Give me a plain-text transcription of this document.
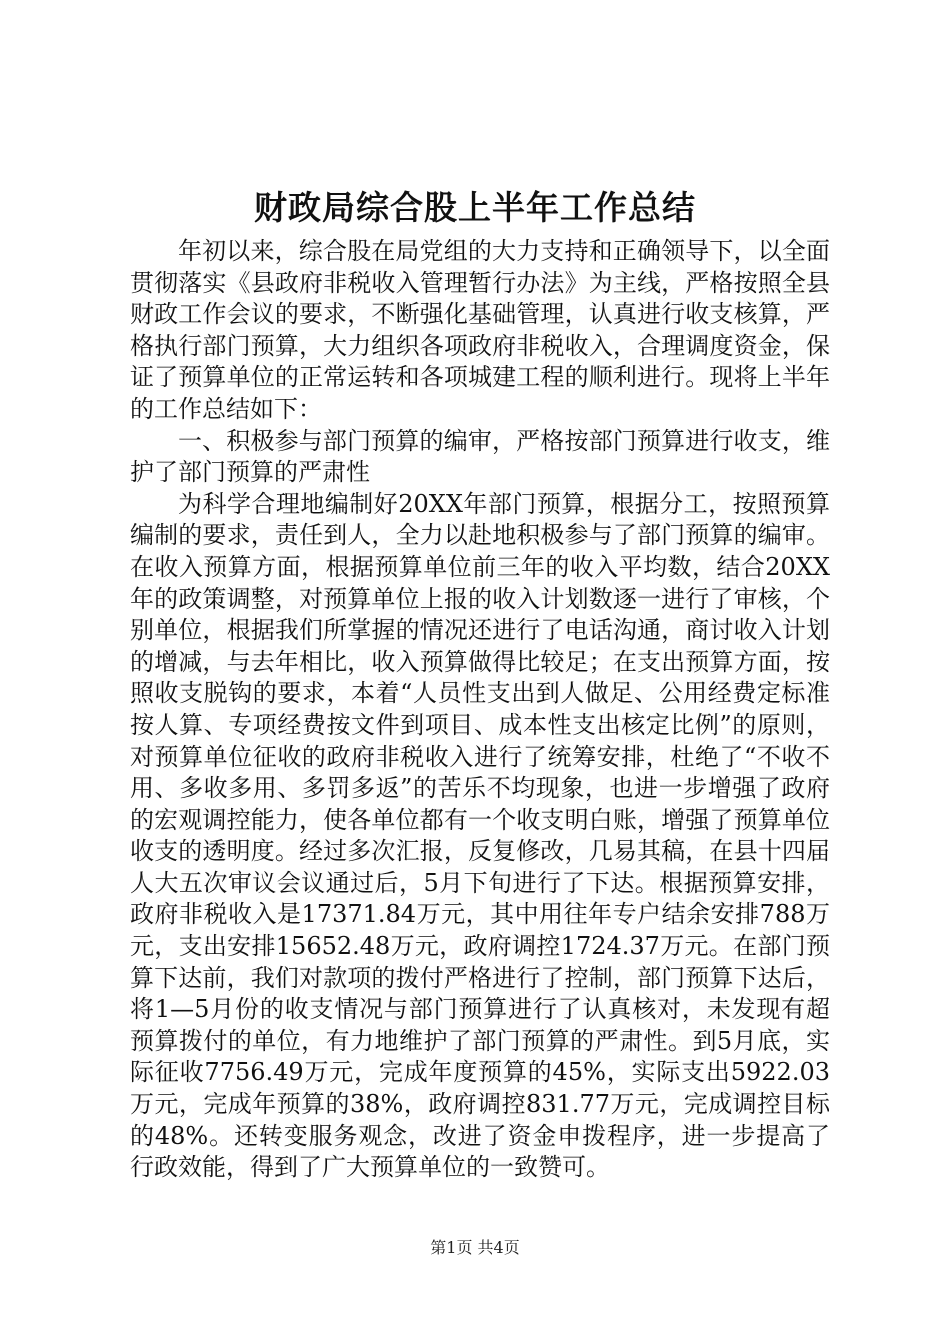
财政局综合股上半年工作总结

年初以来，综合股在局党组的大力支持和正确领导下，以全面贯彻落实《县政府非税收入管理暂行办法》为主线，严格按照全县财政工作会议的要求，不断强化基础管理，认真进行收支核算，严格执行部门预算，大力组织各项政府非税收入，合理调度资金，保证了预算单位的正常运转和各项城建工程的顺利进行。现将上半年的工作总结如下：

一、积极参与部门预算的编审，严格按部门预算进行收支，维护了部门预算的严肃性

为科学合理地编制好20XX年部门预算，根据分工，按照预算编制的要求，责任到人，全力以赴地积极参与了部门预算的编审。在收入预算方面，根据预算单位前三年的收入平均数，结合20XX年的政策调整，对预算单位上报的收入计划数逐一进行了审核，个别单位，根据我们所掌握的情况还进行了电话沟通，商讨收入计划的增减，与去年相比，收入预算做得比较足；在支出预算方面，按照收支脱钩的要求，本着“人员性支出到人做足、公用经费定标准按人算、专项经费按文件到项目、成本性支出核定比例”的原则，对预算单位征收的政府非税收入进行了统筹安排，杜绝了“不收不用、多收多用、多罚多返”的苦乐不均现象，也进一步增强了政府的宏观调控能力，使各单位都有一个收支明白账，增强了预算单位收支的透明度。经过多次汇报，反复修改，几易其稿，在县十四届人大五次审议会议通过后，5月下旬进行了下达。根据预算安排，政府非税收入是17371.84万元，其中用往年专户结余安排788万元，支出安排15652.48万元，政府调控1724.37万元。在部门预算下达前，我们对款项的拨付严格进行了控制，部门预算下达后，将1—5月份的收支情况与部门预算进行了认真核对，未发现有超预算拨付的单位，有力地维护了部门预算的严肃性。到5月底，实际征收7756.49万元，完成年度预算的45%，实际支出5922.03万元，完成年预算的38%，政府调控831.77万元，完成调控目标的48%。还转变服务观念，改进了资金申拨程序，进一步提高了行政效能，得到了广大预算单位的一致赞可。

第1页 共4页
